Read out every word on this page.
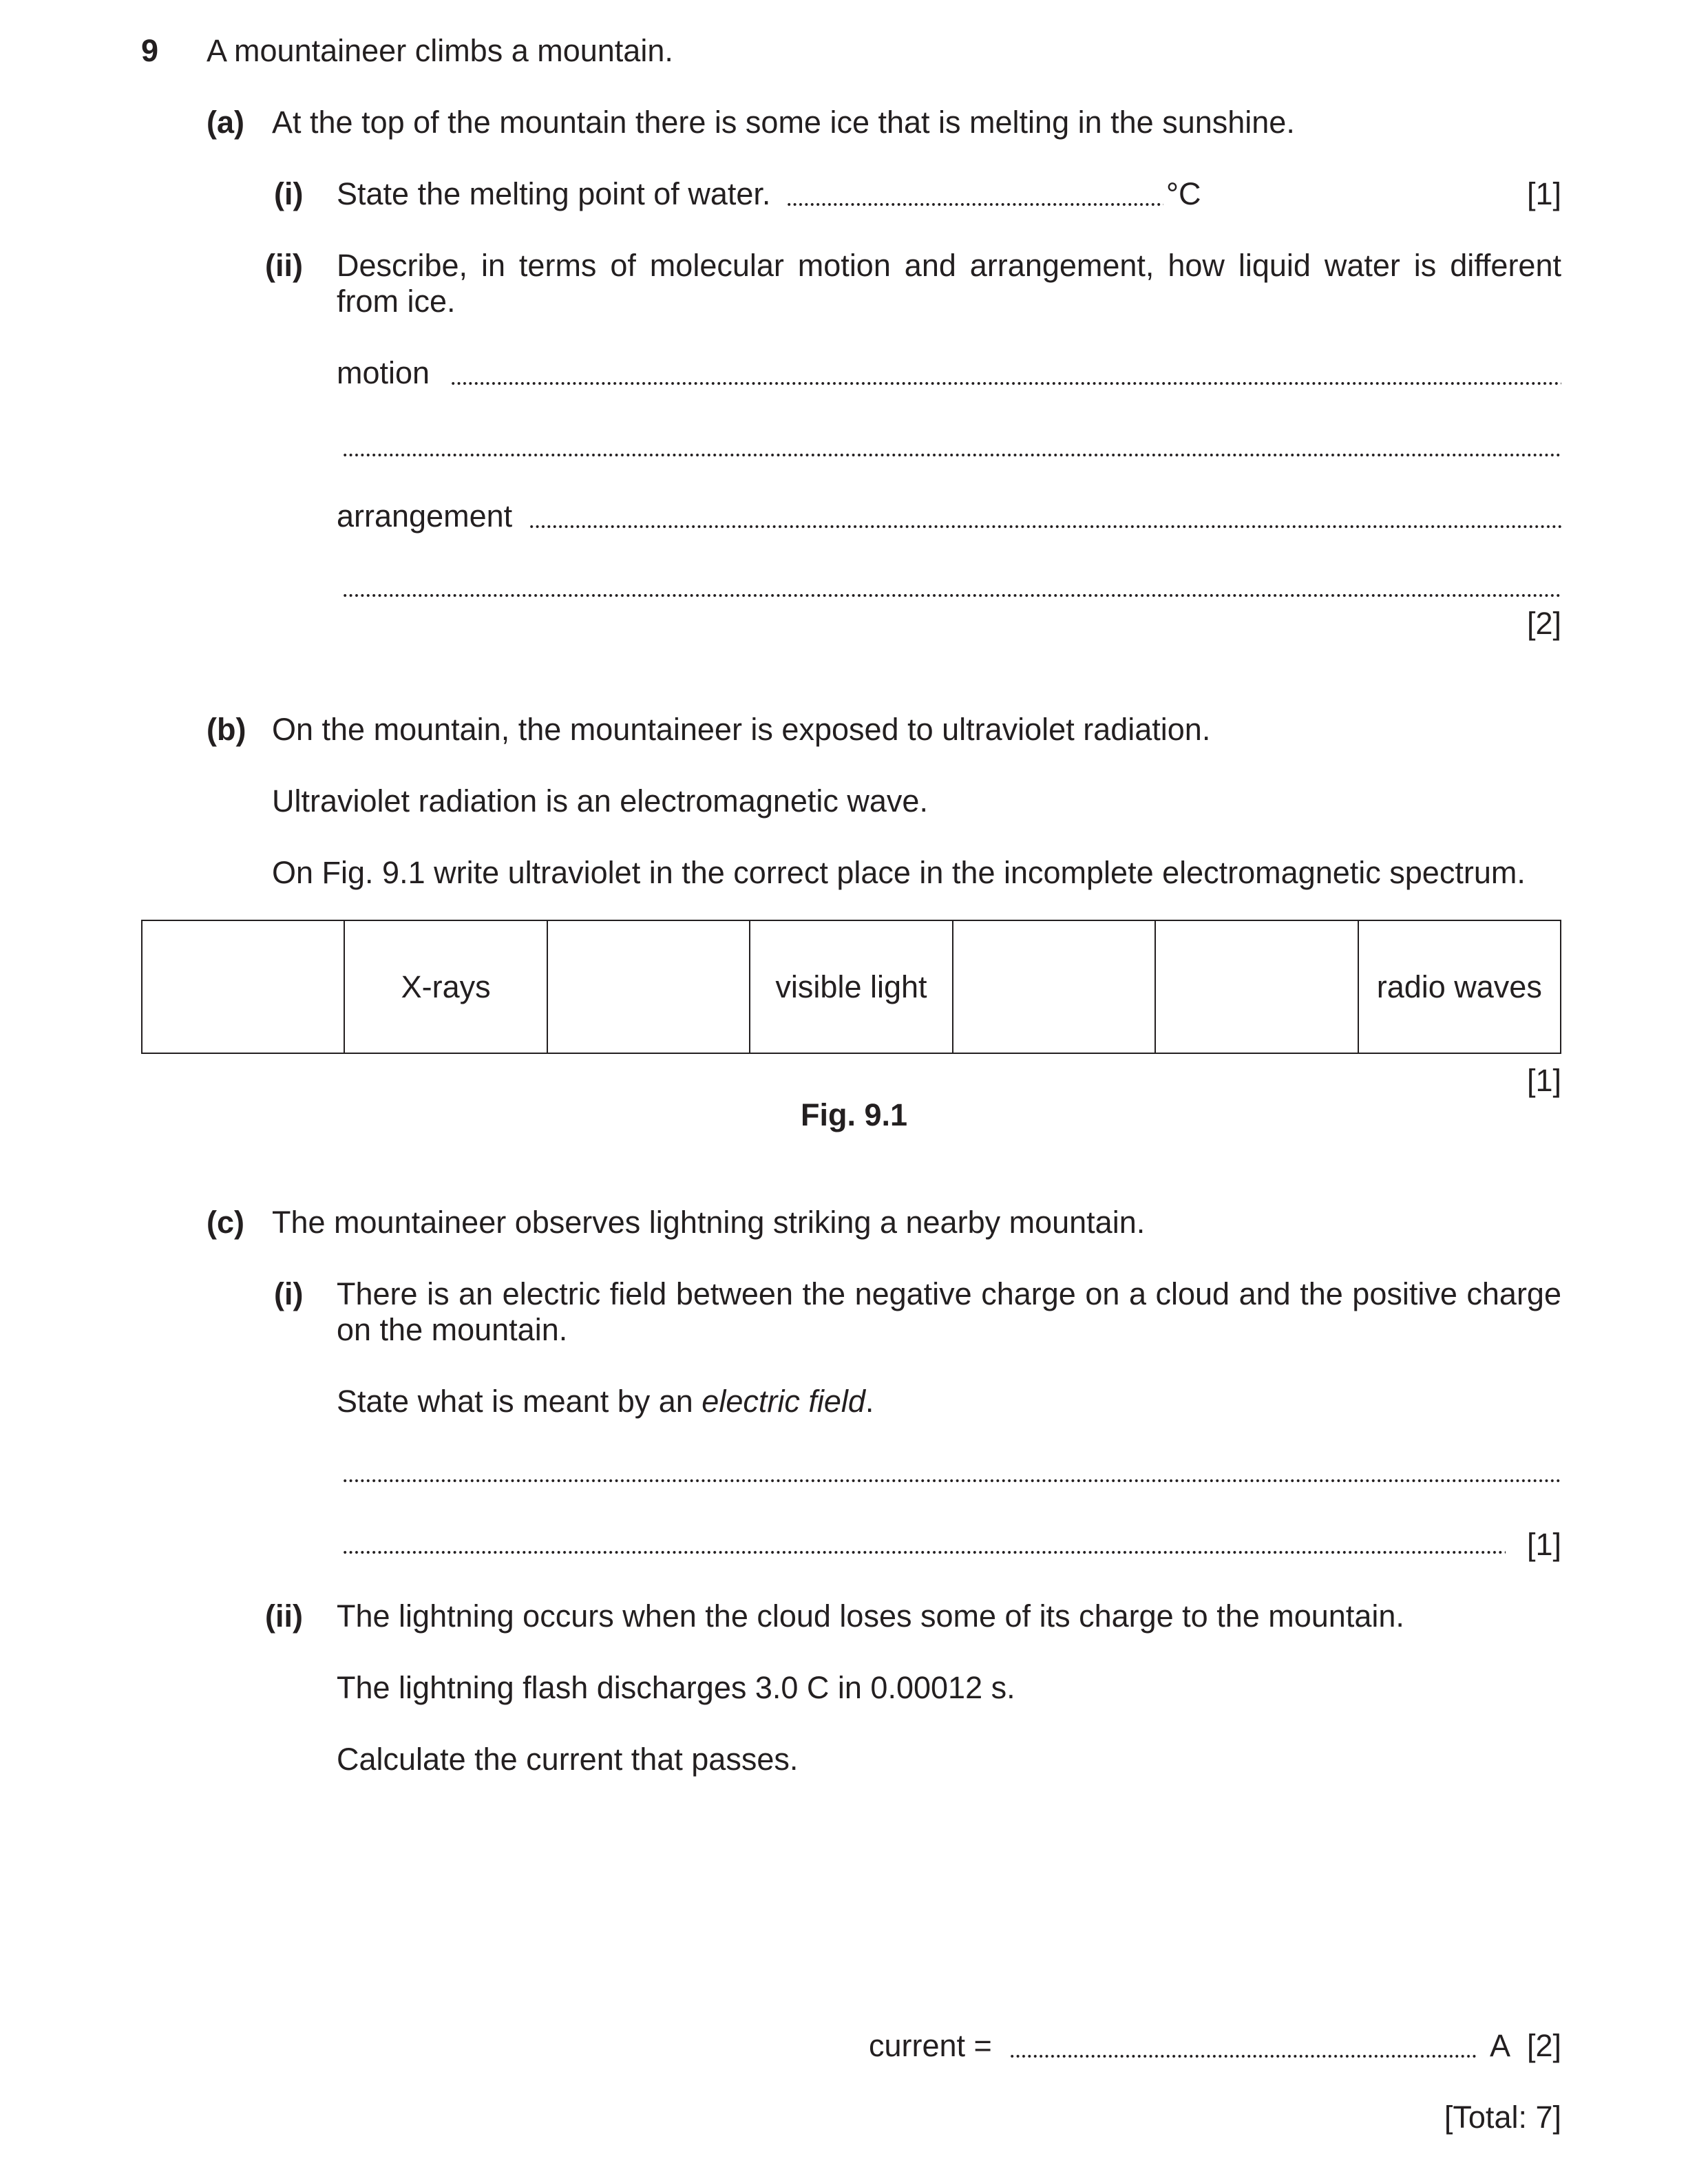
9 A mountaineer climbs a mountain.
(a) At the top of the mountain there is some ice that is melting in the sunshine.
(i) State the melting point of water.	°C	[1]
(ii) Describe, in terms of molecular motion and arrangement, how liquid water is different from ice.
motion
arrangement
[2]
(b) On the mountain, the mountaineer is exposed to ultraviolet radiation.
Ultraviolet radiation is an electromagnetic wave.
On Fig. 9.1 write ultraviolet in the correct place in the incomplete electromagnetic spectrum.
	X-rays		visible light			radio waves
[1]
Fig. 9.1
(c) The mountaineer observes lightning striking a nearby mountain.
(i) There is an electric field between the negative charge on a cloud and the positive charge on the mountain.
State what is meant by an electric field.
[1]
(ii) The lightning occurs when the cloud loses some of its charge to the mountain.
The lightning flash discharges 3.0 C in 0.00012 s.
Calculate the current that passes.
current =	A [2]
[Total: 7]
